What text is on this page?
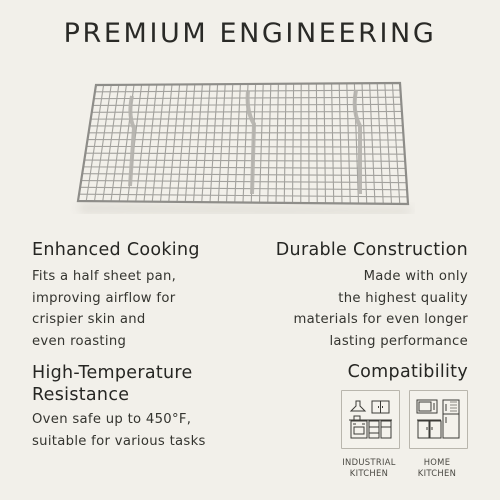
PREMIUM ENGINEERING
Enhanced Cooking
Fits a half sheet pan,
improving airflow for
crispier skin and
even roasting
Durable Construction
Made with only
the highest quality
materials for even longer
lasting performance
High-Temperature
Resistance
Oven safe up to 450°F,
suitable for various tasks
Compatibility
INDUSTRIAL
KITCHEN
HOME
KITCHEN
